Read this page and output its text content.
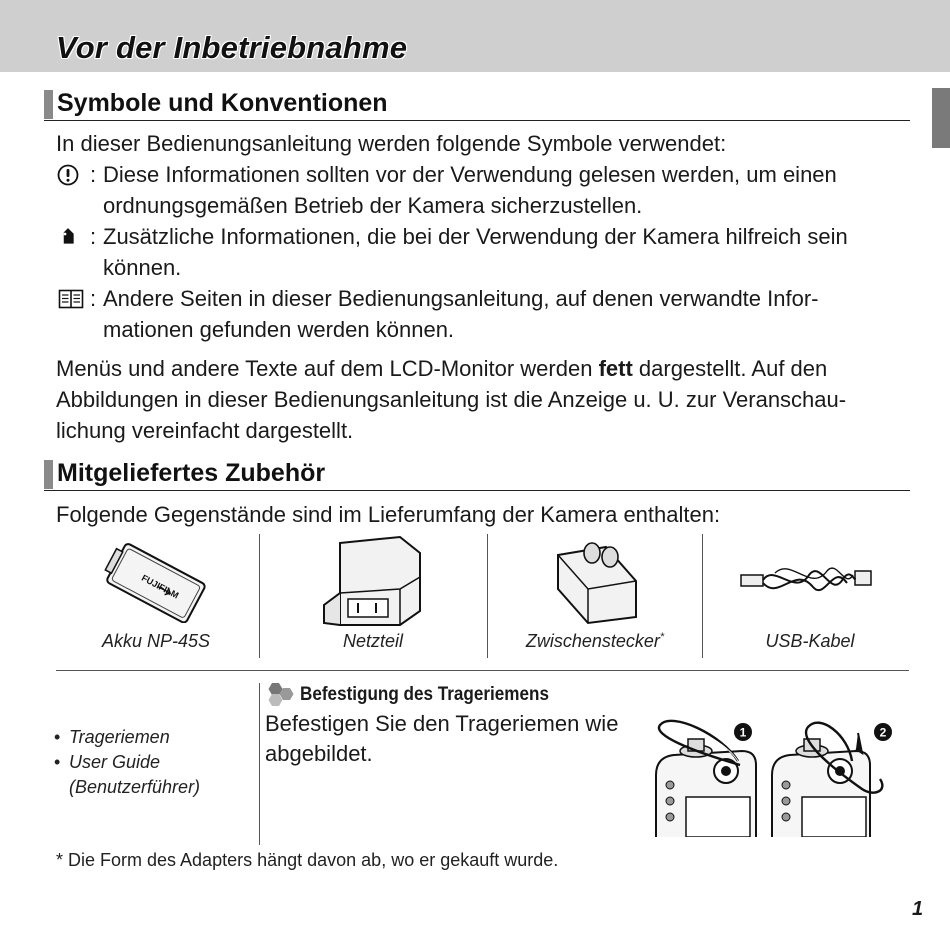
Vor der Inbetriebnahme
Symbole und Konventionen
In dieser Bedienungsanleitung werden folgende Symbole verwendet:
: Diese Informationen sollten vor der Verwendung gelesen werden, um einen
ordnungsgemäßen Betrieb der Kamera sicherzustellen.
: Zusätzliche Informationen, die bei der Verwendung der Kamera hilfreich sein
können.
: Andere Seiten in dieser Bedienungsanleitung, auf denen verwandte Infor-
mationen gefunden werden können.
Menüs und andere Texte auf dem LCD-Monitor werden fett dargestellt. Auf den
Abbildungen in dieser Bedienungsanleitung ist die Anzeige u. U. zur Veranschau-
lichung vereinfacht dargestellt.
Mitgeliefertes Zubehör
Folgende Gegenstände sind im Lieferumfang der Kamera enthalten:
FUJIFILM
Akku NP-45S	Netzteil	Zwischenstecker*	USB-Kabel
• Trageriemen
• User Guide
(Benutzerführer)
Befestigung des Trageriemens
Befestigen Sie den Trageriemen wie
abgebildet.
1	2
* Die Form des Adapters hängt davon ab, wo er gekauft wurde.
1
